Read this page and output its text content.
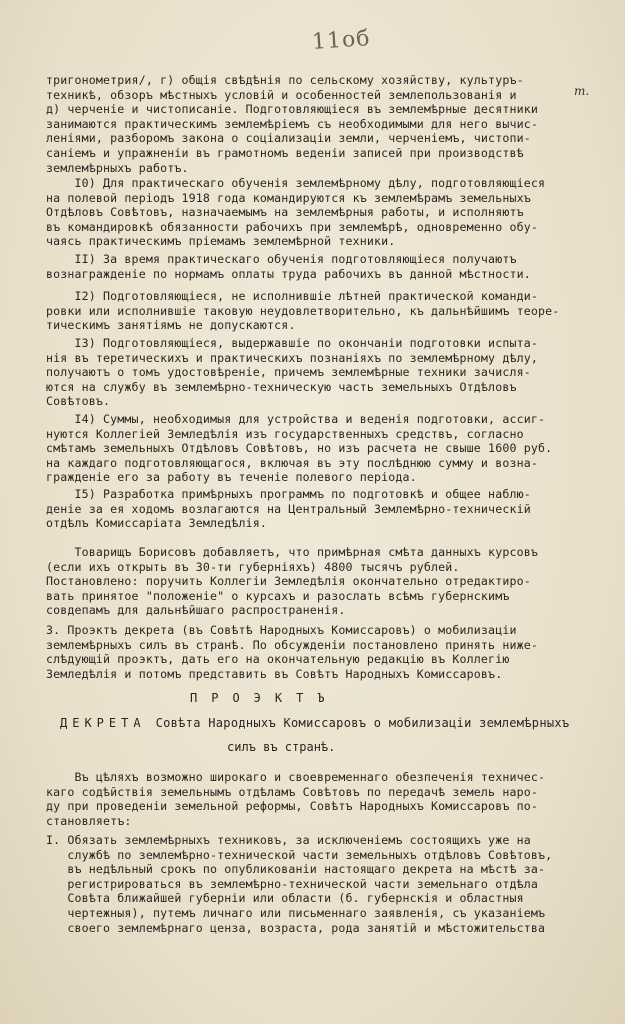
11об
т.
тригонометрия/, г) общія свѣдѣнія по сельскому хозяйству, культуръ-
техникѣ, обзоръ мѣстныхъ условій и особенностей землепользованія и
д) черченіе и чистописаніе. Подготовляющіеся въ землемѣрные десятники
занимаются практическимъ землемѣріемъ съ необходимыми для него вычис-
леніями, разборомъ закона о соціализаціи земли, черченіемъ, чистопи-
саніемъ и упражненіи въ грамотномъ веденіи записей при производствѣ
землемѣрныхъ работъ.
I0) Для практическаго обученія землемѣрному дѣлу, подготовляющіеся
на полевой періодъ 1918 года командируются къ землемѣрамъ земельныхъ
Отдѣловъ Совѣтовъ, назначаемымъ на землемѣрныя работы, и исполняютъ
въ командировкѣ обязанности рабочихъ при землемѣрѣ, одновременно обу-
чаясь практическимъ пріемамъ землемѣрной техники.
II) За время практическаго обученія подготовляющіеся получаютъ
вознагражденіе по нормамъ оплаты труда рабочихъ въ данной мѣстности.
I2) Подготовляющіеся, не исполнившіе лѣтней практической команди-
ровки или исполнившіе таковую неудовлетворительно, къ дальнѣйшимъ теоре-
тическимъ занятіямъ не допускаются.
I3) Подготовляющіеся, выдержавшіе по окончаніи подготовки испыта-
нія въ теретическихъ и практическихъ познаніяхъ по землемѣрному дѣлу,
получаютъ о томъ удостовѣреніе, причемъ землемѣрные техники зачисля-
ются на службу въ землемѣрно-техническую часть земельныхъ Отдѣловъ
Совѣтовъ.
I4) Суммы, необходимыя для устройства и веденія подготовки, ассиг-
нуются Коллегіей Земледѣлія изъ государственныхъ средствъ, согласно
смѣтамъ земельныхъ Отдѣловъ Совѣтовъ, но изъ расчета не свыше 1600 руб.
на каждаго подготовляющагося, включая въ эту послѣднюю сумму и возна-
гражденіе его за работу въ теченіе полевого періода.
I5) Разработка примѣрныхъ программъ по подготовкѣ и общее наблю-
деніе за ея ходомъ возлагаются на Центральный Землемѣрно-техническій
отдѣлъ Комиссаріата Земледѣлія.
Товарищъ Борисовъ добавляетъ, что примѣрная смѣта данныхъ курсовъ
(если ихъ открыть въ 30-ти губерніяхъ) 4800 тысячъ рублей.
Постановлено: поручить Коллегіи Земледѣлія окончательно отредактиро-
вать принятое "положеніе" о курсахъ и разослать всѣмъ губернскимъ
совдепамъ для дальнѣйшаго распространенія.
3. Проэктъ декрета (въ Совѣтѣ Народныхъ Комиссаровъ) о мобилизаціи
землемѣрныхъ силъ въ странѣ. По обсужденіи постановлено принять ниже-
слѣдующій проэктъ, дать его на окончательную редакцію въ Коллегію
Земледѣлія и потомъ представить въ Совѣтъ Народныхъ Комиссаровъ.
ПРОЭКТЪ
ДЕКРЕТА Совѣта Народныхъ Комиссаровъ о мобилизаціи землемѣрныхъ
силъ въ странѣ.
Въ цѣляхъ возможно широкаго и своевременнаго обезпеченія техничес-
каго содѣйствія земельнымъ отдѣламъ Совѣтовъ по передачѣ земель наро-
ду при проведеніи земельной реформы, Совѣтъ Народныхъ Комиссаровъ по-
становляетъ:
I. Обязать землемѣрныхъ техниковъ, за исключеніемъ состоящихъ уже на
службѣ по землемѣрно-технической части земельныхъ отдѣловъ Совѣтовъ,
въ недѣльный срокъ по опубликованіи настоящаго декрета на мѣстѣ за-
регистрироваться въ землемѣрно-технической части земельнаго отдѣла
Совѣта ближайшей губерніи или области (б. губернскія и областныя
чертежныя), путемъ личнаго или письменнаго заявленія, съ указаніемъ
своего землемѣрнаго ценза, возраста, рода занятій и мѣстожительства
